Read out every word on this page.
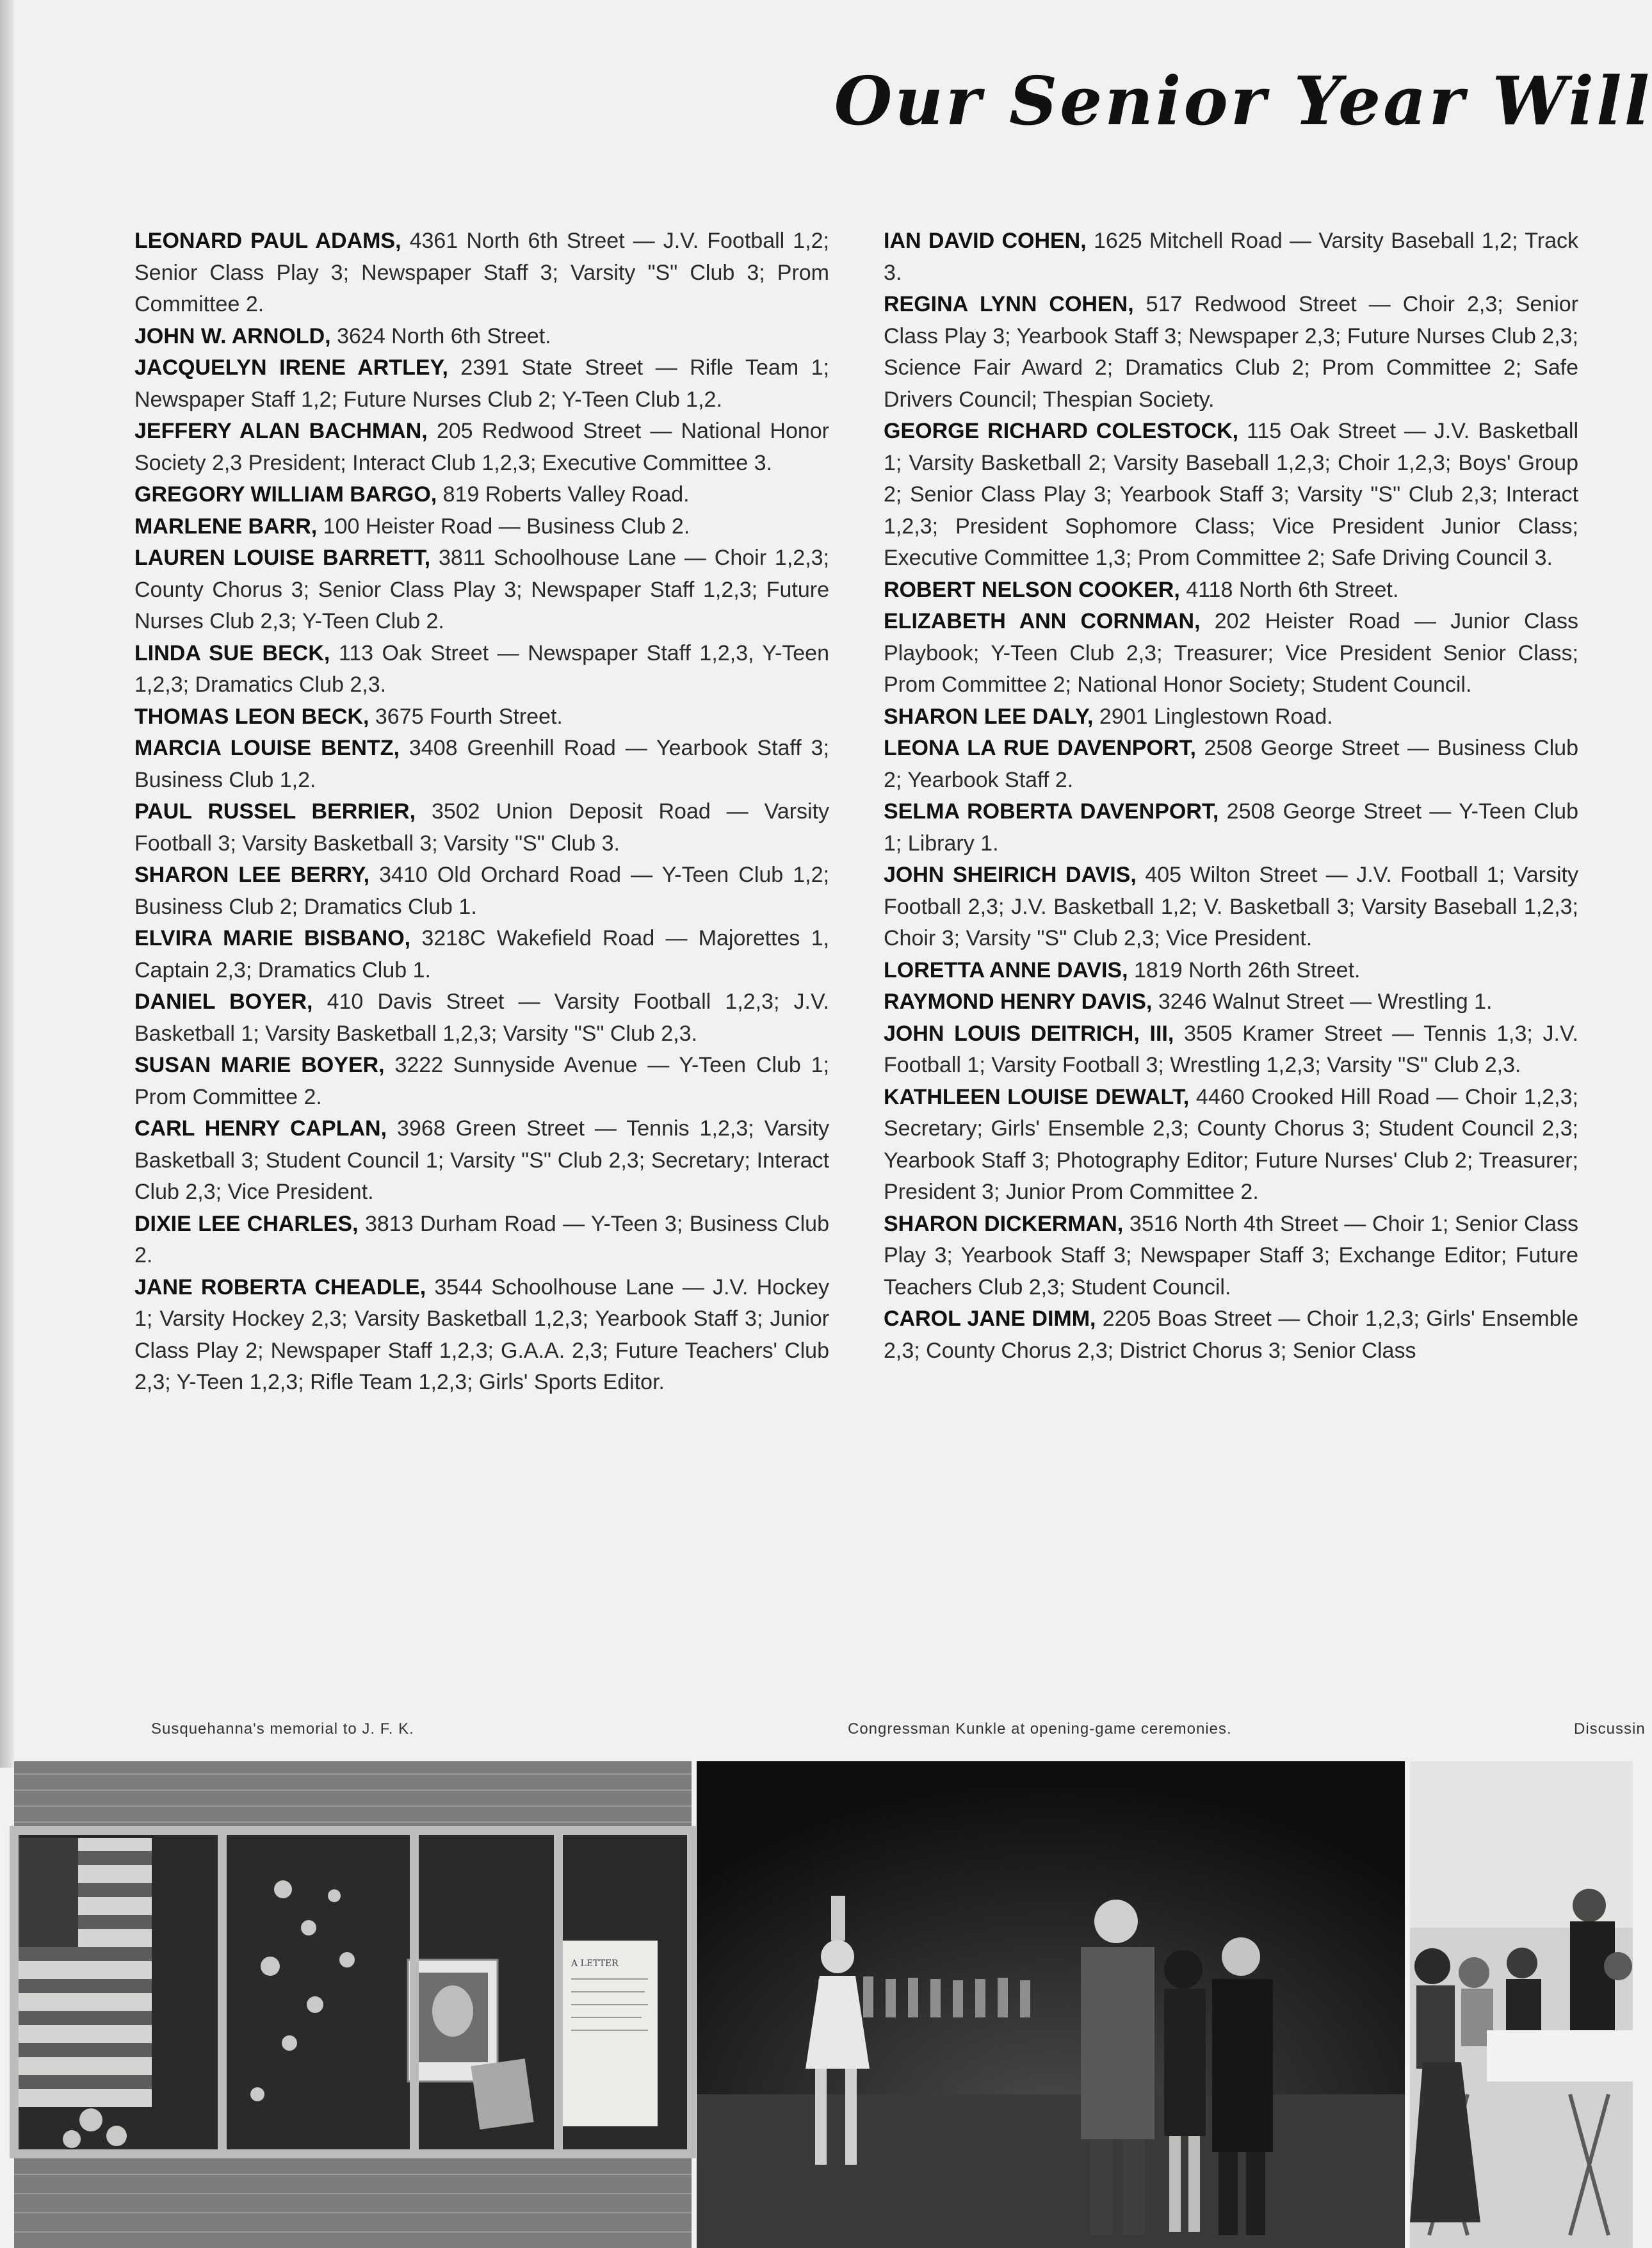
Our Senior Year Will

LEONARD PAUL ADAMS, 4361 North 6th Street — J.V. Football 1,2; Senior Class Play 3; Newspaper Staff 3; Varsity "S" Club 3; Prom Committee 2.

JOHN W. ARNOLD, 3624 North 6th Street.

JACQUELYN IRENE ARTLEY, 2391 State Street — Rifle Team 1; Newspaper Staff 1,2; Future Nurses Club 2; Y-Teen Club 1,2.

JEFFERY ALAN BACHMAN, 205 Redwood Street — National Honor Society 2,3 President; Interact Club 1,2,3; Executive Committee 3.

GREGORY WILLIAM BARGO, 819 Roberts Valley Road.

MARLENE BARR, 100 Heister Road — Business Club 2.

LAUREN LOUISE BARRETT, 3811 Schoolhouse Lane — Choir 1,2,3; County Chorus 3; Senior Class Play 3; Newspaper Staff 1,2,3; Future Nurses Club 2,3; Y-Teen Club 2.

LINDA SUE BECK, 113 Oak Street — Newspaper Staff 1,2,3, Y-Teen 1,2,3; Dramatics Club 2,3.

THOMAS LEON BECK, 3675 Fourth Street.

MARCIA LOUISE BENTZ, 3408 Greenhill Road — Yearbook Staff 3; Business Club 1,2.

PAUL RUSSEL BERRIER, 3502 Union Deposit Road — Varsity Football 3; Varsity Basketball 3; Varsity "S" Club 3.

SHARON LEE BERRY, 3410 Old Orchard Road — Y-Teen Club 1,2; Business Club 2; Dramatics Club 1.

ELVIRA MARIE BISBANO, 3218C Wakefield Road — Majorettes 1, Captain 2,3; Dramatics Club 1.

DANIEL BOYER, 410 Davis Street — Varsity Football 1,2,3; J.V. Basketball 1; Varsity Basketball 1,2,3; Varsity "S" Club 2,3.

SUSAN MARIE BOYER, 3222 Sunnyside Avenue — Y-Teen Club 1; Prom Committee 2.

CARL HENRY CAPLAN, 3968 Green Street — Tennis 1,2,3; Varsity Basketball 3; Student Council 1; Varsity "S" Club 2,3; Secretary; Interact Club 2,3; Vice President.

DIXIE LEE CHARLES, 3813 Durham Road — Y-Teen 3; Business Club 2.

JANE ROBERTA CHEADLE, 3544 Schoolhouse Lane — J.V. Hockey 1; Varsity Hockey 2,3; Varsity Basketball 1,2,3; Yearbook Staff 3; Junior Class Play 2; Newspaper Staff 1,2,3; G.A.A. 2,3; Future Teachers' Club 2,3; Y-Teen 1,2,3; Rifle Team 1,2,3; Girls' Sports Editor.

IAN DAVID COHEN, 1625 Mitchell Road — Varsity Baseball 1,2; Track 3.

REGINA LYNN COHEN, 517 Redwood Street — Choir 2,3; Senior Class Play 3; Yearbook Staff 3; Newspaper 2,3; Future Nurses Club 2,3; Science Fair Award 2; Dramatics Club 2; Prom Committee 2; Safe Drivers Council; Thespian Society.

GEORGE RICHARD COLESTOCK, 115 Oak Street — J.V. Basketball 1; Varsity Basketball 2; Varsity Baseball 1,2,3; Choir 1,2,3; Boys' Group 2; Senior Class Play 3; Yearbook Staff 3; Varsity "S" Club 2,3; Interact 1,2,3; President Sophomore Class; Vice President Junior Class; Executive Committee 1,3; Prom Committee 2; Safe Driving Council 3.

ROBERT NELSON COOKER, 4118 North 6th Street.

ELIZABETH ANN CORNMAN, 202 Heister Road — Junior Class Playbook; Y-Teen Club 2,3; Treasurer; Vice President Senior Class; Prom Committee 2; National Honor Society; Student Council.

SHARON LEE DALY, 2901 Linglestown Road.

LEONA LA RUE DAVENPORT, 2508 George Street — Business Club 2; Yearbook Staff 2.

SELMA ROBERTA DAVENPORT, 2508 George Street — Y-Teen Club 1; Library 1.

JOHN SHEIRICH DAVIS, 405 Wilton Street — J.V. Football 1; Varsity Football 2,3; J.V. Basketball 1,2; V. Basketball 3; Varsity Baseball 1,2,3; Choir 3; Varsity "S" Club 2,3; Vice President.

LORETTA ANNE DAVIS, 1819 North 26th Street.

RAYMOND HENRY DAVIS, 3246 Walnut Street — Wrestling 1.

JOHN LOUIS DEITRICH, III, 3505 Kramer Street — Tennis 1,3; J.V. Football 1; Varsity Football 3; Wrestling 1,2,3; Varsity "S" Club 2,3.

KATHLEEN LOUISE DEWALT, 4460 Crooked Hill Road — Choir 1,2,3; Secretary; Girls' Ensemble 2,3; County Chorus 3; Student Council 2,3; Yearbook Staff 3; Photography Editor; Future Nurses' Club 2; Treasurer; President 3; Junior Prom Committee 2.

SHARON DICKERMAN, 3516 North 4th Street — Choir 1; Senior Class Play 3; Yearbook Staff 3; Newspaper Staff 3; Exchange Editor; Future Teachers Club 2,3; Student Council.

CAROL JANE DIMM, 2205 Boas Street — Choir 1,2,3; Girls' Ensemble 2,3; County Chorus 2,3; District Chorus 3; Senior Class

Susquehanna's memorial to J. F. K.	Congressman Kunkle at opening-game ceremonies.	Discussin
A LETTER
